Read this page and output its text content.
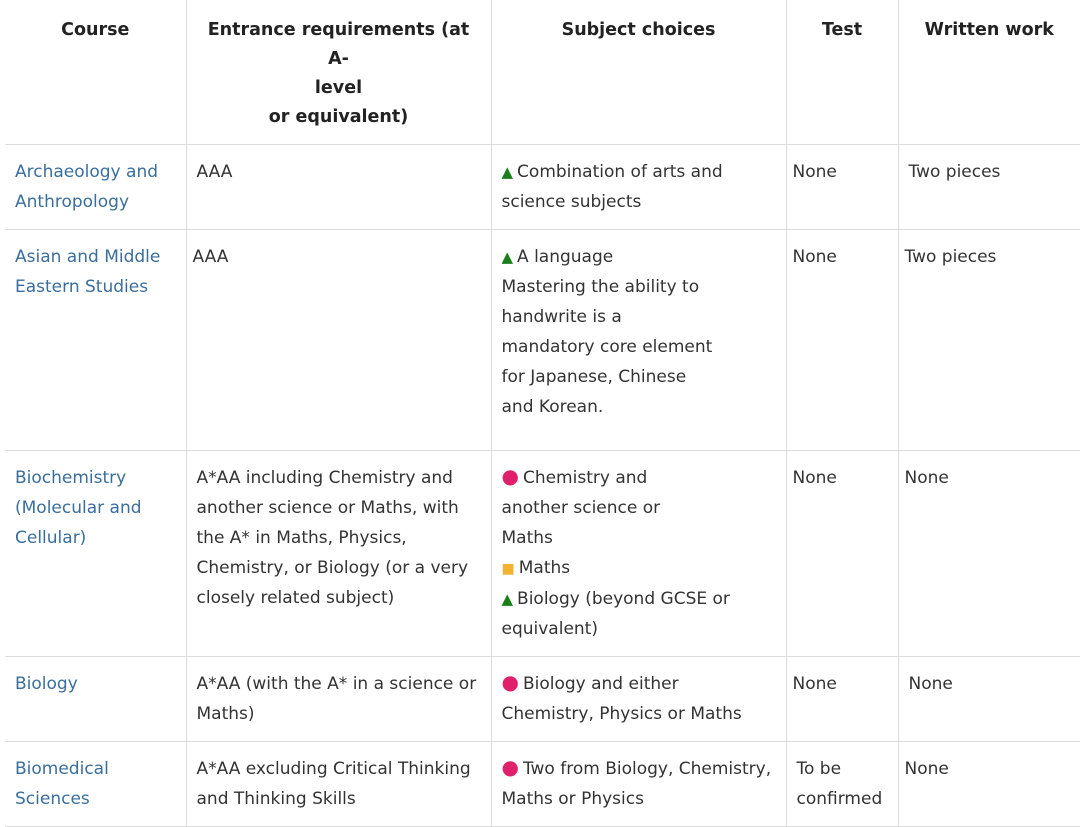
Course	Entrance requirements (at A-
level
or equivalent)	Subject choices	Test	Written work
Archaeology and Anthropology	AAA	▲ Combination of arts and science subjects	None	Two pieces
Asian and Middle Eastern Studies	AAA	▲ A language
Mastering the ability to handwrite is a mandatory core element for Japanese, Chinese and Korean.	None	Two pieces
Biochemistry (Molecular and Cellular)	A*AA including Chemistry and another science or Maths, with the A* in Maths, Physics, Chemistry, or Biology (or a very closely related subject)	● Chemistry and another science or Maths
■ Maths
▲ Biology (beyond GCSE or equivalent)	None	None
Biology	A*AA (with the A* in a science or Maths)	● Biology and either Chemistry, Physics or Maths	None	None
Biomedical Sciences	A*AA excluding Critical Thinking and Thinking Skills	● Two from Biology, Chemistry, Maths or Physics	To be confirmed	None
